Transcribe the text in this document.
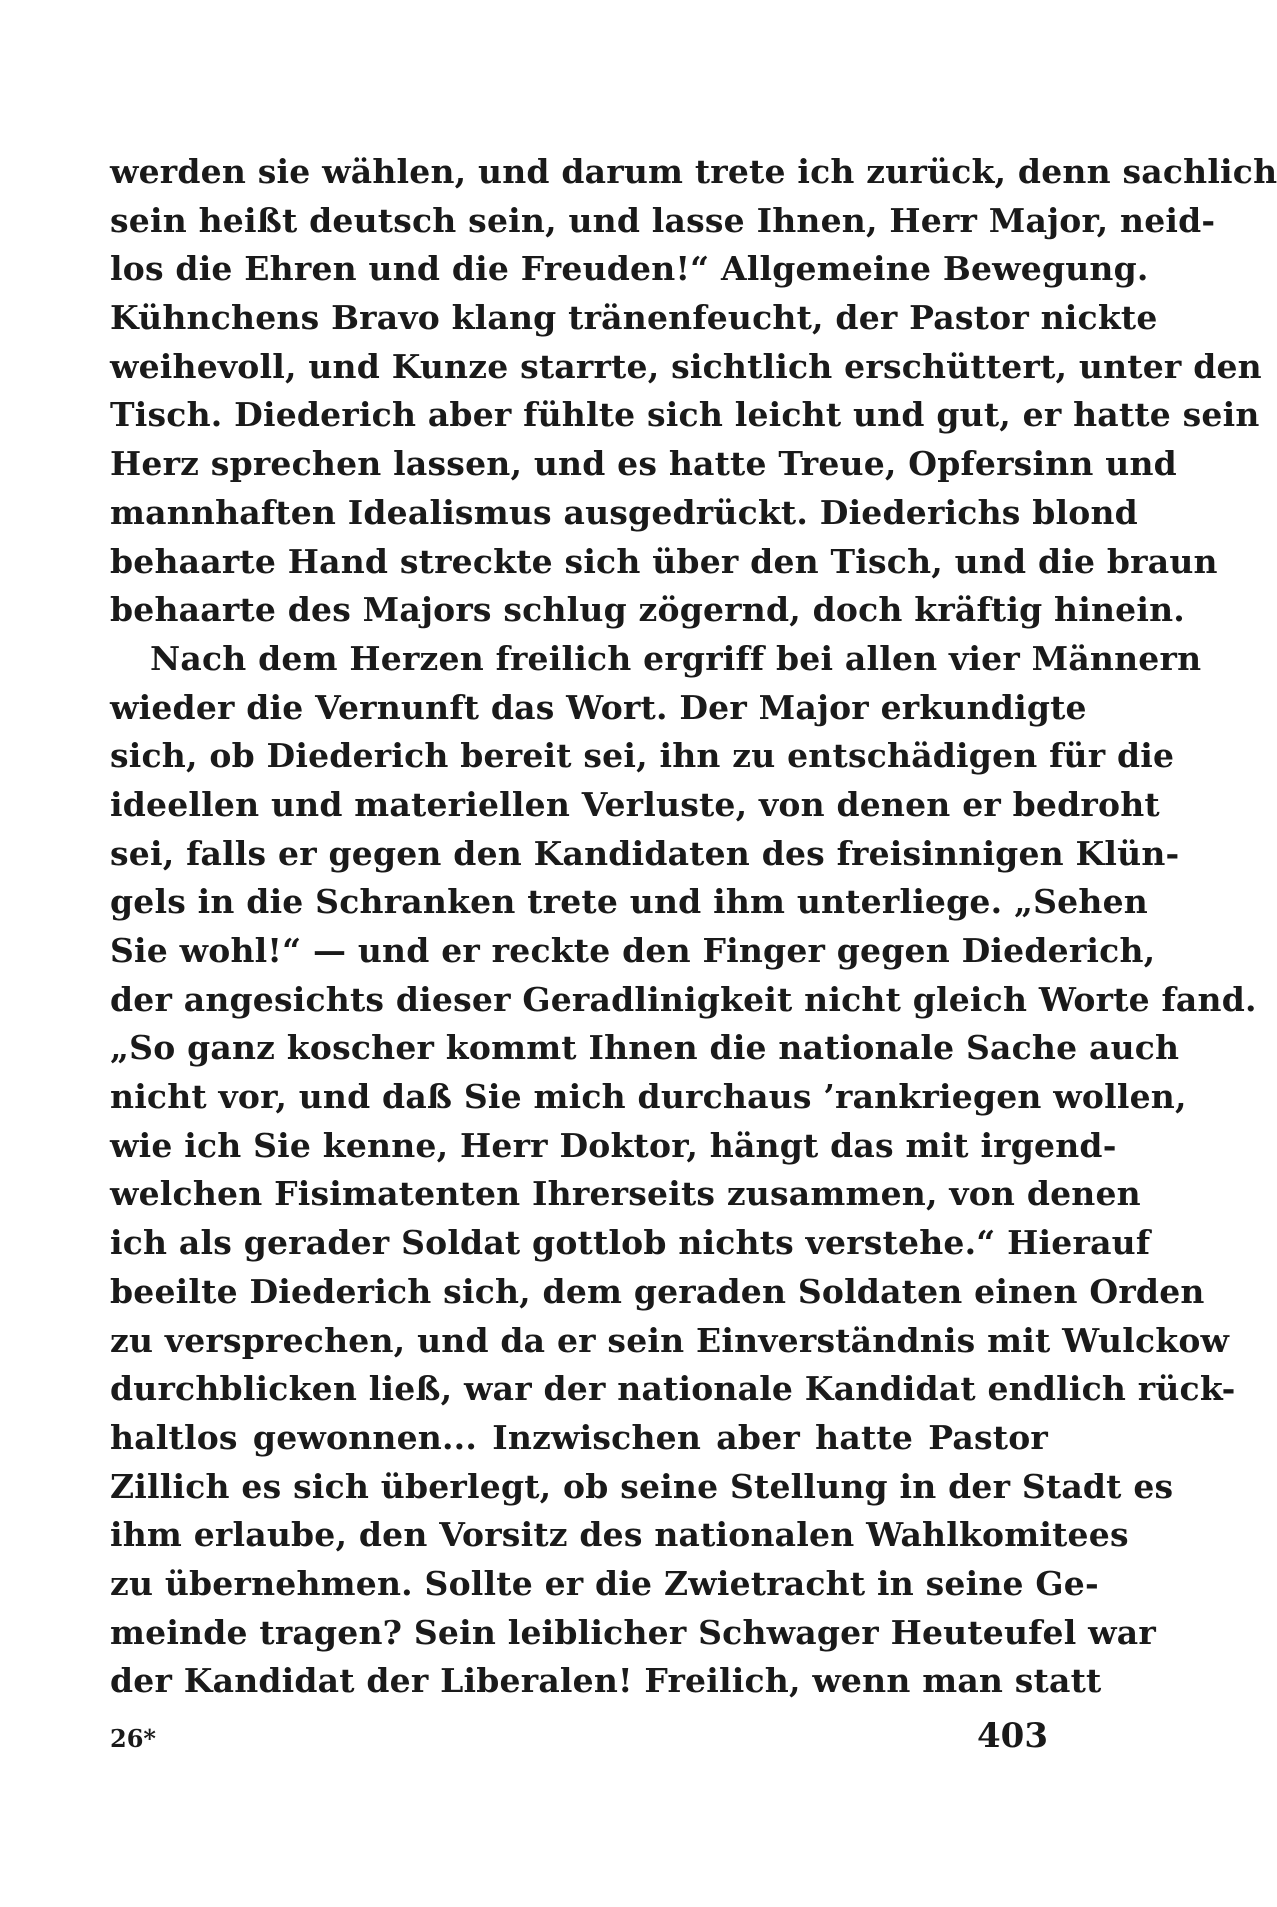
werden sie wählen, und darum trete ich zurück, denn sachlich
sein heißt deutsch sein, und lasse Ihnen, Herr Major, neid-
los die Ehren und die Freuden!“ Allgemeine Bewegung.
Kühnchens Bravo klang tränenfeucht, der Pastor nickte
weihevoll, und Kunze starrte, sichtlich erschüttert, unter den
Tisch. Diederich aber fühlte sich leicht und gut, er hatte sein
Herz sprechen lassen, und es hatte Treue, Opfersinn und
mannhaften Idealismus ausgedrückt. Diederichs blond
behaarte Hand streckte sich über den Tisch, und die braun
behaarte des Majors schlug zögernd, doch kräftig hinein.
Nach dem Herzen freilich ergriff bei allen vier Männern
wieder die Vernunft das Wort. Der Major erkundigte
sich, ob Diederich bereit sei, ihn zu entschädigen für die
ideellen und materiellen Verluste, von denen er bedroht
sei, falls er gegen den Kandidaten des freisinnigen Klün-
gels in die Schranken trete und ihm unterliege. „Sehen
Sie wohl!“ — und er reckte den Finger gegen Diederich,
der angesichts dieser Geradlinigkeit nicht gleich Worte fand.
„So ganz koscher kommt Ihnen die nationale Sache auch
nicht vor, und daß Sie mich durchaus ’rankriegen wollen,
wie ich Sie kenne, Herr Doktor, hängt das mit irgend-
welchen Fisimatenten Ihrerseits zusammen, von denen
ich als gerader Soldat gottlob nichts verstehe.“ Hierauf
beeilte Diederich sich, dem geraden Soldaten einen Orden
zu versprechen, und da er sein Einverständnis mit Wulckow
durchblicken ließ, war der nationale Kandidat endlich rück-
haltlos gewonnen... Inzwischen aber hatte Pastor
Zillich es sich überlegt, ob seine Stellung in der Stadt es
ihm erlaube, den Vorsitz des nationalen Wahlkomitees
zu übernehmen. Sollte er die Zwietracht in seine Ge-
meinde tragen? Sein leiblicher Schwager Heuteufel war
der Kandidat der Liberalen! Freilich, wenn man statt
26*	403
